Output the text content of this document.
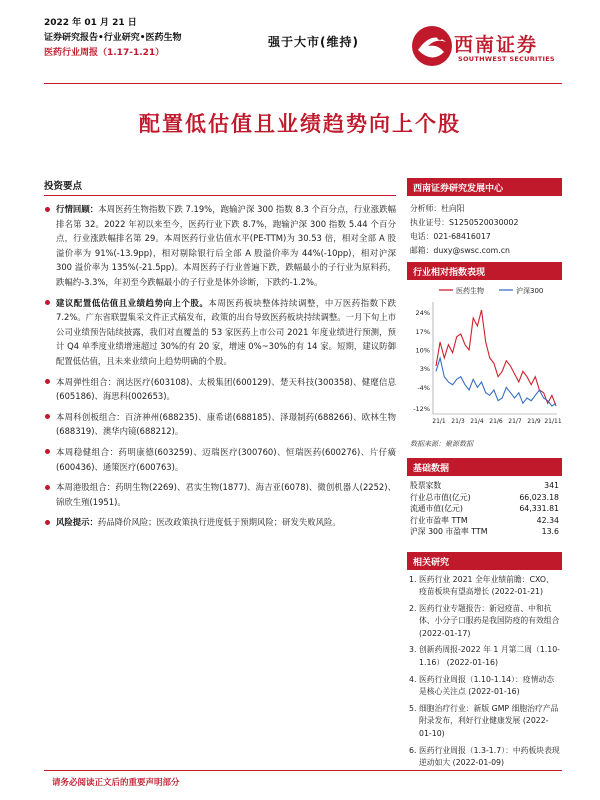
2022 年 01 月 21 日
证券研究报告•行业研究•医药生物
医药行业周报（1.17-1.21）
强于大市(维持)	西南证券
SOUTHWEST SECURITIES
配置低估值且业绩趋势向上个股
投资要点
行情回顾：本周医药生物指数下跌 7.19%，跑输沪深 300 指数 8.3 个百分点，行业涨跌幅排名第 32。2022 年初以来至今，医药行业下跌 8.7%，跑输沪深 300 指数 5.44 个百分点，行业涨跌幅排名第 29。本周医药行业估值水平(PE-TTM)为 30.53 倍，相对全部 A 股溢价率为 91%(-13.9pp)，相对剔除银行后全部 A 股溢价率为 44%(-10pp)，相对沪深 300 溢价率为 135%(-21.5pp)。本周医药子行业普遍下跌，跌幅最小的子行业为原料药，跌幅约-3.3%，年初至今跌幅最小的子行业是体外诊断，下跌约-1.2%。
建议配置低估值且业绩趋势向上个股。本周医药板块整体持续调整，中万医药指数下跌 7.2%。广东省联盟集采文件正式稿发布，政策的出台导致医药板块持续调整。一月下旬上市公司业绩预告陆续披露，我们对直覆盖的 53 家医药上市公司 2021 年度业绩进行预测，预计 Q4 单季度业绩增速超过 30%的有 20 家，增速 0%~30%的有 14 家。短期，建议防御配置低估值，且未来业绩向上趋势明确的个股。
本周弹性组合：润达医疗(603108)、太极集团(600129)、楚天科技(300358)、健麾信息(605186)、海思科(002653)。
本周科创板组合：百济神州(688235)、康希诺(688185)、泽璟制药(688266)、欧林生物(688319)、澳华内镜(688212)。
本周稳健组合：药明康德(603259)、迈瑞医疗(300760)、恒瑞医药(600276)、片仔癀(600436)、通策医疗(600763)。
本周港股组合：药明生物(2269)、君实生物(1877)、海吉亚(6078)、微创机器人(2252)、锦欣生殖(1951)。
风险提示：药品降价风险；医改政策执行进度低于预期风险；研发失败风险。
西南证券研究发展中心
分析师：杜向阳
执业证号：S1250520030002
电话：021-68416017
邮箱：duxy@swsc.com.cn
行业相对指数表现
医药生物	沪深300
24%
17%
10%
3%
-4%
-12%
21/1 21/3 21/4 21/6 21/7 21/9 21/11
数据来源：聚源数据
基础数据
股票家数	341
行业总市值(亿元)	66,023.18
流通市值(亿元)	64,331.81
行业市盈率 TTM	42.34
沪深 300 市盈率 TTM	13.6
相关研究
1. 医药行业 2021 全年业绩前瞻：CXO、疫苗板块有望高增长 (2022-01-21)
2. 医药行业专题报告：新冠疫苗、中和抗体、小分子口服药是我国防疫的有效组合 (2022-01-17)
3. 创新药周报-2022 年 1 月第二周（1.10-1.16） (2022-01-16)
4. 医药行业周报（1.10-1.14）：疫情动态是核心关注点 (2022-01-16)
5. 细胞治疗行业：新版 GMP 细胞治疗产品附录发布，利好行业健康发展 (2022-01-10)
6. 医药行业周报（1.3-1.7）：中药板块表现逆动如大 (2022-01-09)
请务必阅读正文后的重要声明部分
